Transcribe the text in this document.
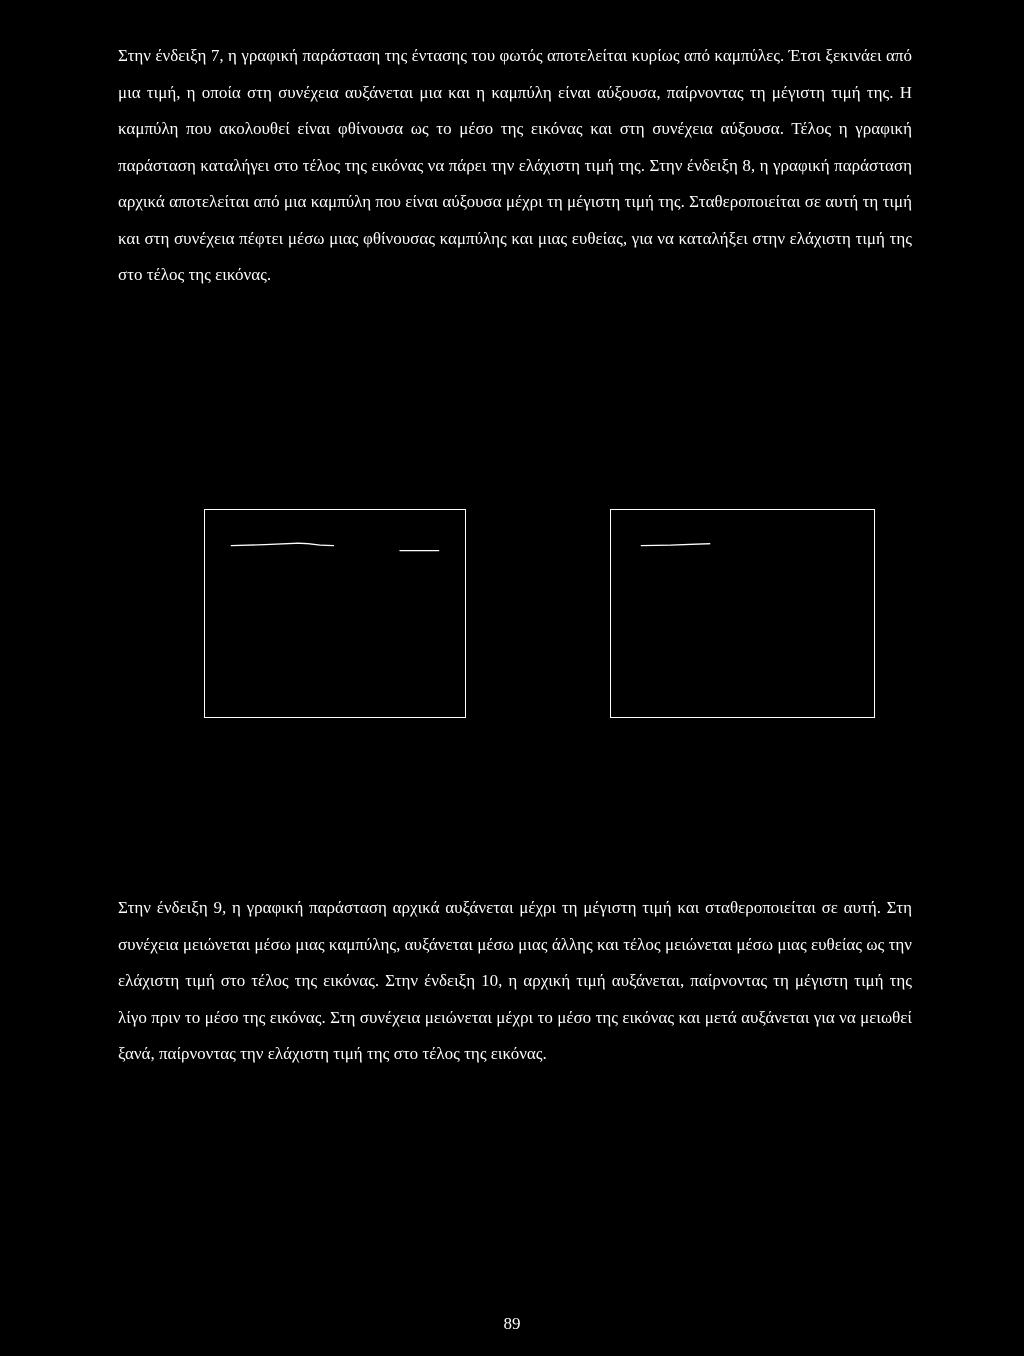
Στην ένδειξη 7, η γραφική παράσταση της έντασης του φωτός αποτελείται κυρίως από καμπύλες. Έτσι ξεκινάει από μια τιμή, η οποία στη συνέχεια αυξάνεται μια και η καμπύλη είναι αύξουσα, παίρνοντας τη μέγιστη τιμή της. Η καμπύλη που ακολουθεί είναι φθίνουσα ως το μέσο της εικόνας και στη συνέχεια αύξουσα. Τέλος η γραφική παράσταση καταλήγει στο τέλος της εικόνας να πάρει την ελάχιστη τιμή της. Στην ένδειξη 8, η γραφική παράσταση αρχικά αποτελείται από μια καμπύλη που είναι αύξουσα μέχρι τη μέγιστη τιμή της. Σταθεροποιείται σε αυτή τη τιμή και στη συνέχεια πέφτει μέσω μιας φθίνουσας καμπύλης και μιας ευθείας, για να καταλήξει στην ελάχιστη τιμή της στο τέλος της εικόνας.

Στην ένδειξη 9, η γραφική παράσταση αρχικά αυξάνεται μέχρι τη μέγιστη τιμή και σταθεροποιείται σε αυτή. Στη συνέχεια μειώνεται μέσω μιας καμπύλης, αυξάνεται μέσω μιας άλλης και τέλος μειώνεται μέσω μιας ευθείας ως την ελάχιστη τιμή στο τέλος της εικόνας. Στην ένδειξη 10, η αρχική τιμή αυξάνεται, παίρνοντας τη μέγιστη τιμή της λίγο πριν το μέσο της εικόνας. Στη συνέχεια μειώνεται μέχρι το μέσο της εικόνας και μετά αυξάνεται για να μειωθεί ξανά, παίρνοντας την ελάχιστη τιμή της στο τέλος της εικόνας.

89
